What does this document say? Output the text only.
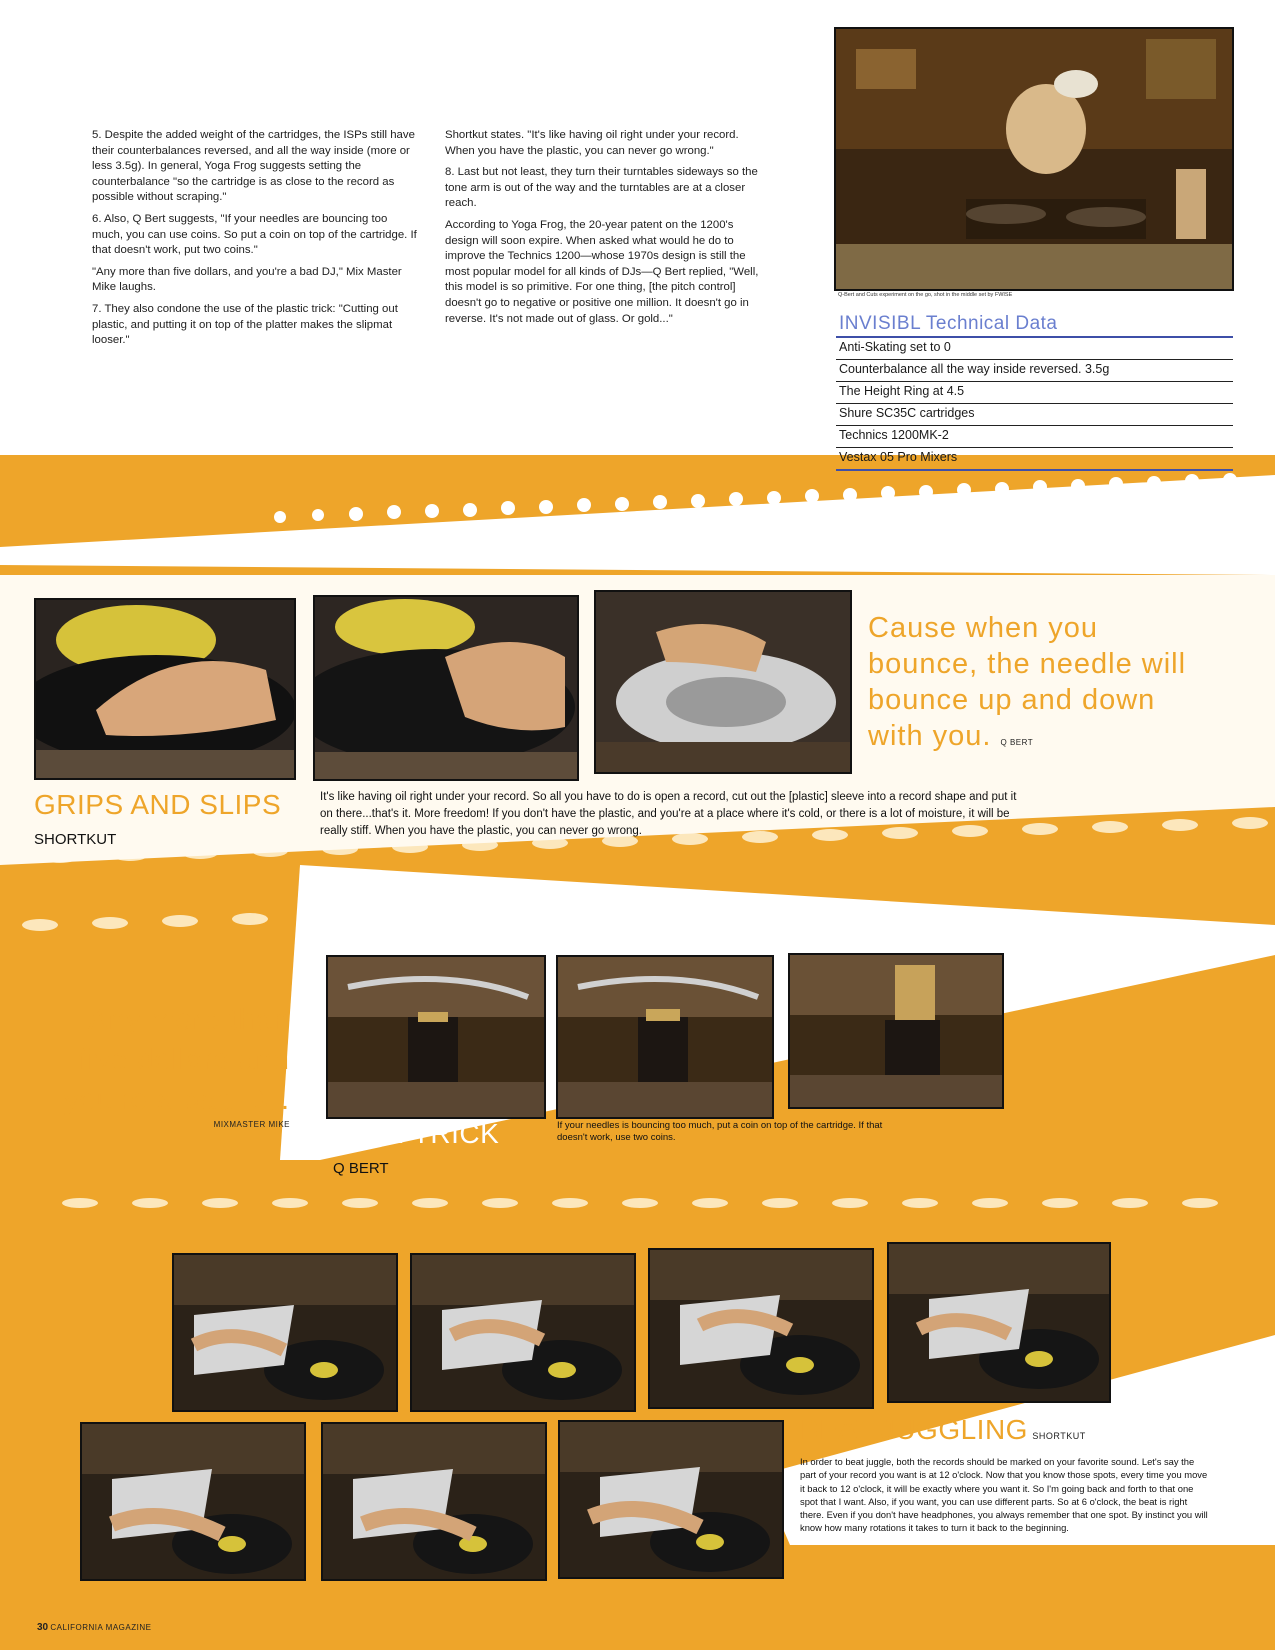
5. Despite the added weight of the cartridges, the ISPs still have their counterbalances reversed, and all the way inside (more or less 3.5g). In general, Yoga Frog suggests setting the counterbalance "so the cartridge is as close to the record as possible without scraping."

6. Also, Q Bert suggests, "If your needles are bouncing too much, you can use coins. So put a coin on top of the cartridge. If that doesn't work, put two coins."

"Any more than five dollars, and you're a bad DJ," Mix Master Mike laughs.

7. They also condone the use of the plastic trick: "Cutting out plastic, and putting it on top of the platter makes the slipmat looser."

Shortkut states. "It's like having oil right under your record. When you have the plastic, you can never go wrong."

8. Last but not least, they turn their turntables sideways so the tone arm is out of the way and the turntables are at a closer reach.

According to Yoga Frog, the 20-year patent on the 1200's design will soon expire. When asked what would he do to improve the Technics 1200—whose 1970s design is still the most popular model for all kinds of DJs—Q Bert replied, "Well, this model is so primitive. For one thing, [the pitch control] doesn't go to negative or positive one million. It doesn't go in reverse. It's not made out of glass. Or gold..."

Q-Bert and Cuts experiment on the go, shot in the middle set by FWISE
INVISIBL Technical Data
Anti-Skating set to 0
Counterbalance all the way inside reversed. 3.5g
The Height Ring at 4.5
Shure SC35C cartridges
Technics 1200MK-2
Vestax 05 Pro Mixers
Cause when you
bounce, the needle will
bounce up and down
with you. Q BERT
GRIPS AND SLIPS
SHORTKUT
It's like having oil right under your record. So all you have to do is open a record, cut out the [plastic] sleeve into a record shape and put it on there...that's it. More freedom! If you don't have the plastic, and you're at a place where it's cold, or there is a lot of moisture, it will be really stiff. When you have the plastic, you can never go wrong.
Any more than
five dollars and
you're a bad DJ.
MIXMASTER MIKE COIN TRICK
Q BERT
If your needles is bouncing too much, put a coin on top of the cartridge. If that doesn't work, use two coins.
BEAT JUGGLING SHORTKUT
In order to beat juggle, both the records should be marked on your favorite sound. Let's say the part of your record you want is at 12 o'clock. Now that you know those spots, every time you move it back to 12 o'clock, it will be exactly where you want it. So I'm going back and forth to that one spot that I want. Also, if you want, you can use different parts. So at 6 o'clock, the beat is right there. Even if you don't have headphones, you always remember that one spot. By instinct you will know how many rotations it takes to turn it back to the beginning.
30 CALIFORNIA MAGAZINE
